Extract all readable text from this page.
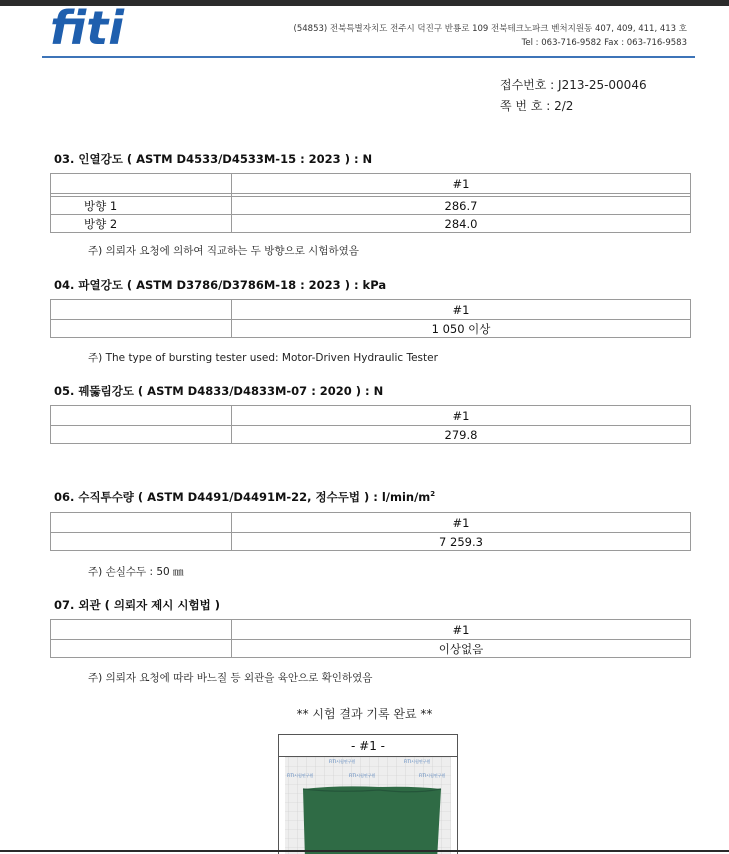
fiti	(54853) 전북특별자치도 전주시 덕진구 반룡로 109 전북테크노파크 벤처지원동 407, 409, 411, 413 호
Tel : 063-716-9582 Fax : 063-716-9583
접수번호 : J213-25-00046
쪽 번 호 : 2/2
03. 인열강도 ( ASTM D4533/D4533M-15 : 2023 ) : N
	#1

방향 1	286.7
방향 2	284.0
주) 의뢰자 요청에 의하여 직교하는 두 방향으로 시험하였음
04. 파열강도 ( ASTM D3786/D3786M-18 : 2023 ) : kPa
	#1
	1 050 이상
주) The type of bursting tester used: Motor-Driven Hydraulic Tester
05. 꿰뚫림강도 ( ASTM D4833/D4833M-07 : 2020 ) : N
	#1
	279.8
06. 수직투수량 ( ASTM D4491/D4491M-22, 정수두법 ) : $l/\min/m^2$
	#1
	7 259.3
주) 손실수두 : 50 ㎜
07. 외관 ( 의뢰자 제시 시험법 )
	#1
	이상없음
주) 의뢰자 요청에 따라 바느질 등 외관을 육안으로 확인하였음
** 시험 결과 기록 완료 **
- #1 -
FITI시험연구원	FITI시험연구원
FITI시험연구원	FITI시험연구원	FITI시험연구원
